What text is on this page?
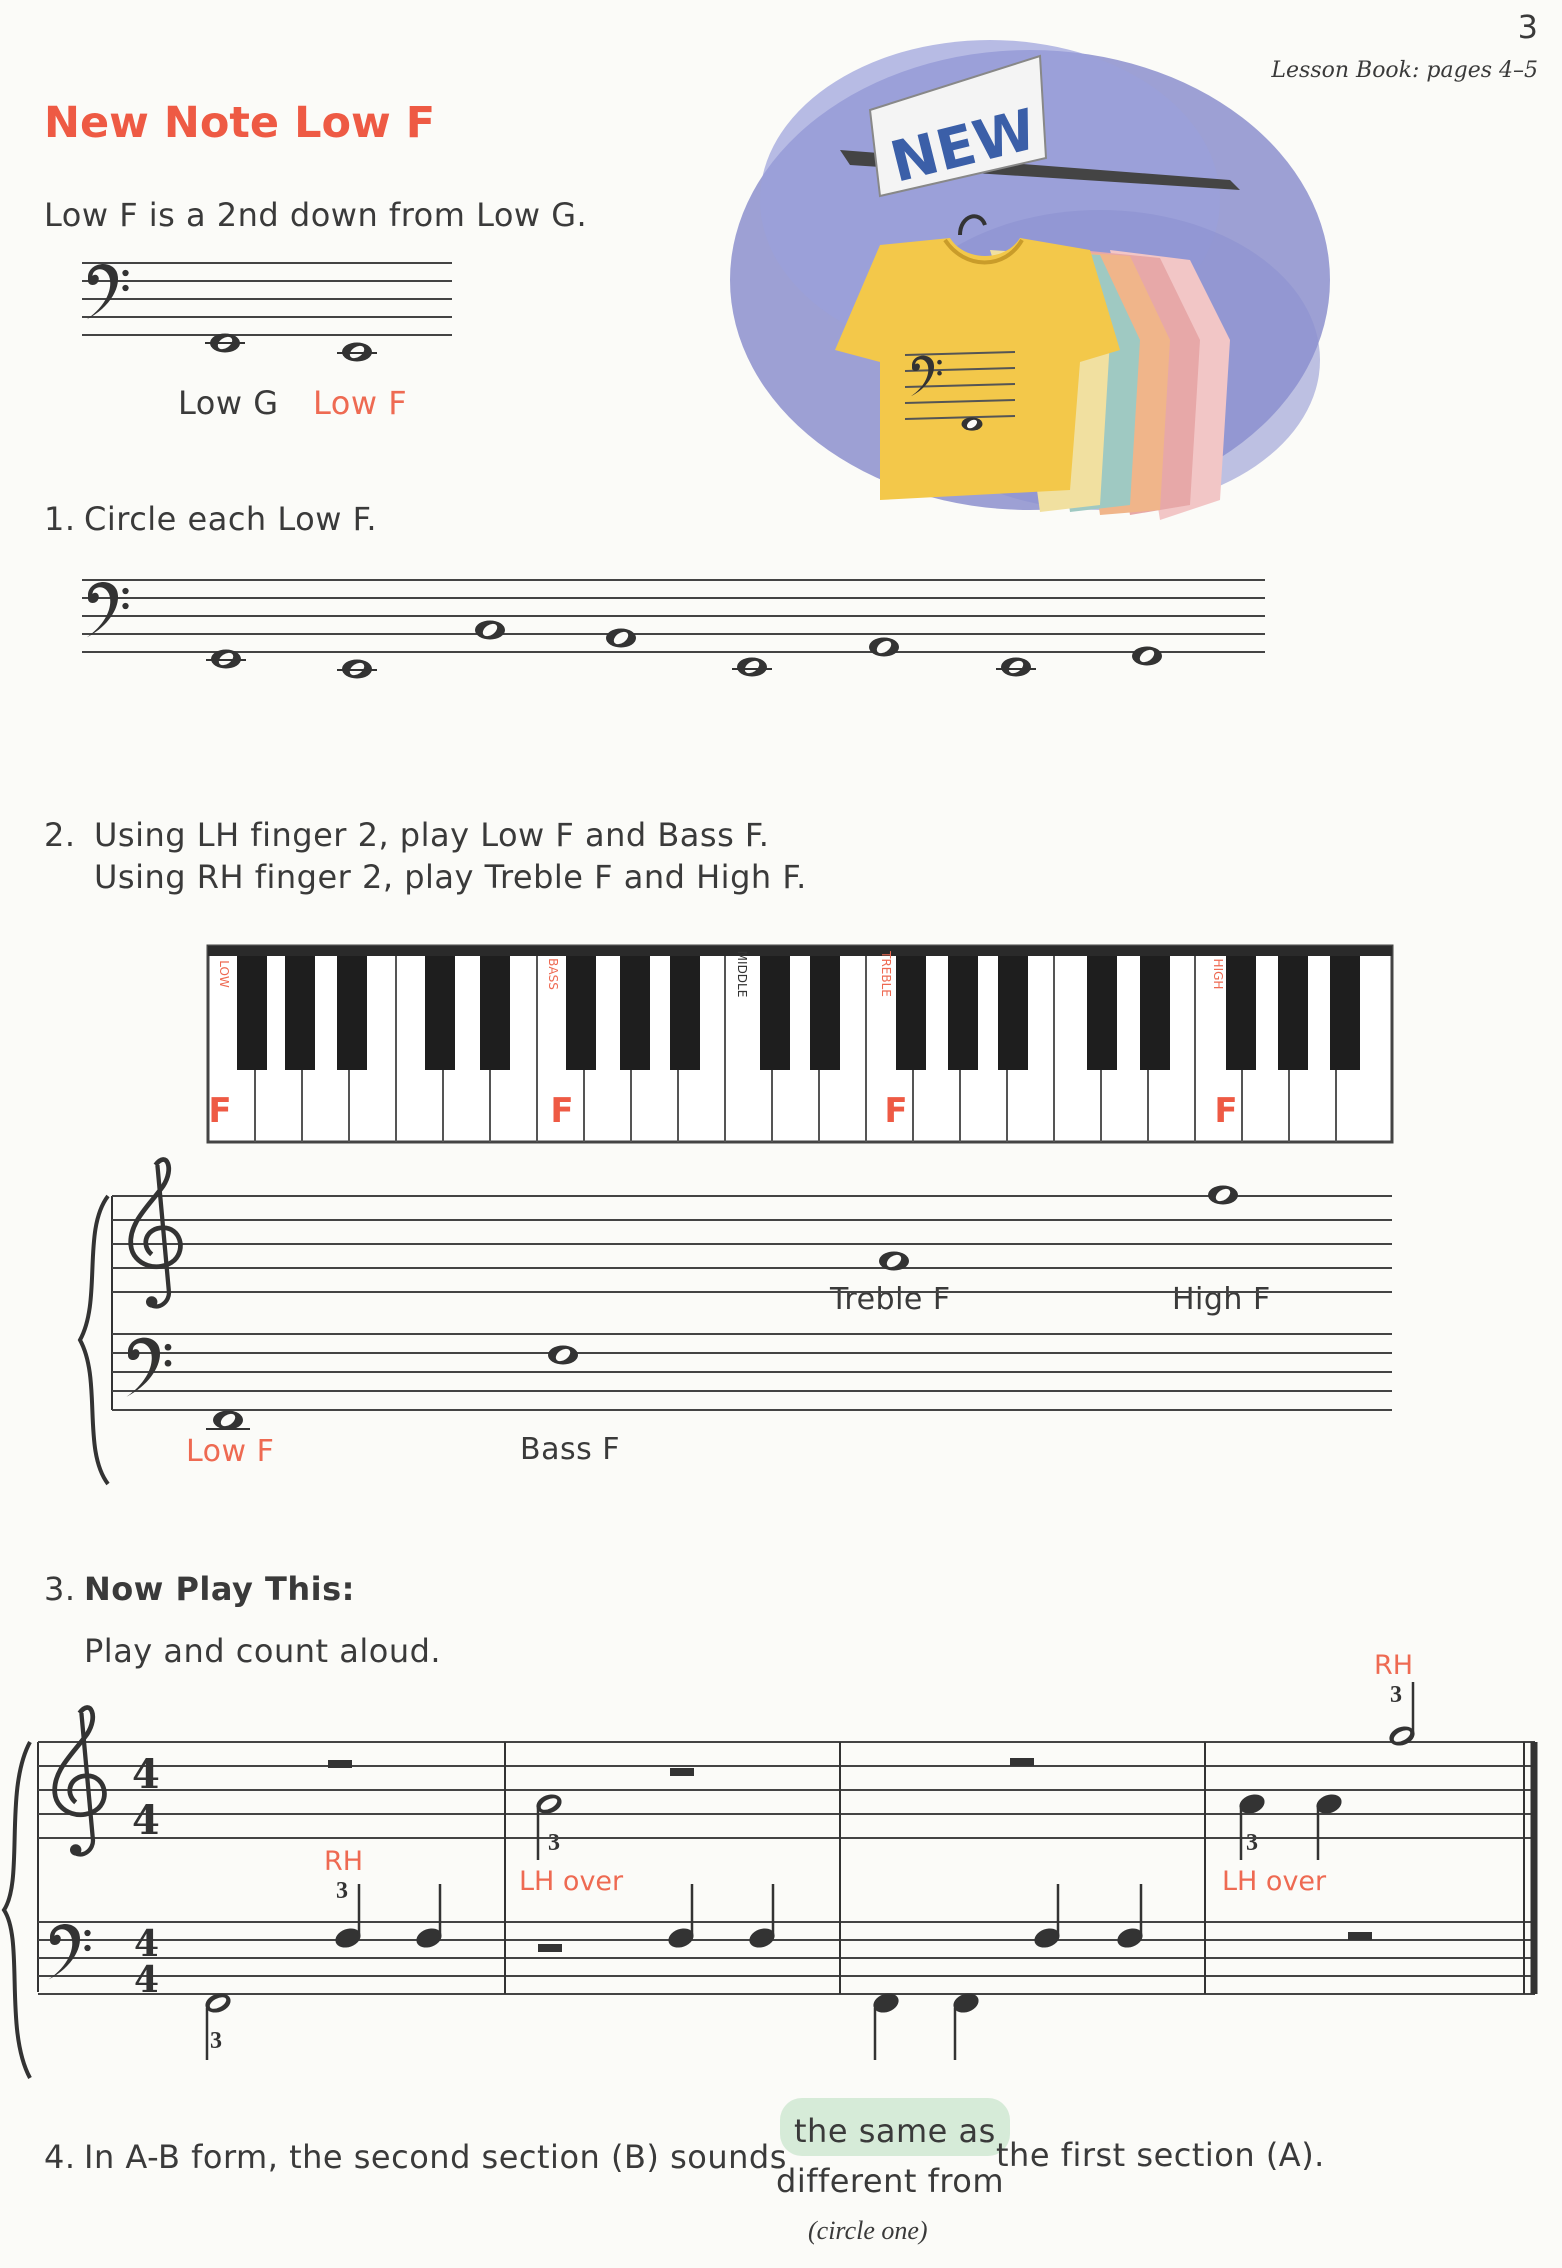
3
Lesson Book: pages 4–5
New Note Low F
Low F is a 2nd down from Low G.
Low G Low F
1. Circle each Low F.
2. Using LH finger 2, play Low F and Bass F.
Using RH finger 2, play Treble F and High F.
Treble F	High F
Low F	Bass F
3. Now Play This:
Play and count aloud.	RH
3
RH
3
3
LH over
3
LH over
3
4. In A-B form, the second section (B) sounds
the same as
different from
the first section (A).
(circle one)
NEW
LOW
F
BASS
F
MIDDLE	TREBLE
F
HIGH
F
4
4
4
4
